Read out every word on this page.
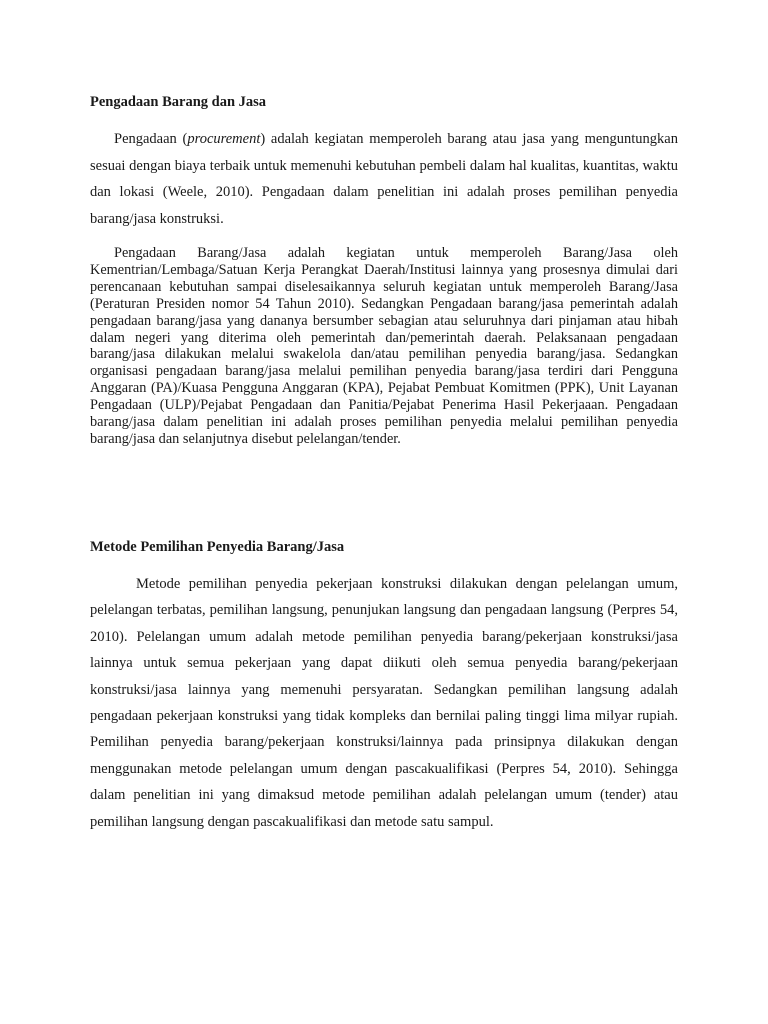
Pengadaan Barang dan Jasa

Pengadaan (procurement) adalah kegiatan memperoleh barang atau jasa yang menguntungkan sesuai dengan biaya terbaik untuk memenuhi kebutuhan pembeli dalam hal kualitas, kuantitas, waktu dan lokasi (Weele, 2010). Pengadaan dalam penelitian ini adalah proses pemilihan penyedia barang/jasa konstruksi.

Pengadaan Barang/Jasa adalah kegiatan untuk memperoleh Barang/Jasa oleh Kementrian/Lembaga/Satuan Kerja Perangkat Daerah/Institusi lainnya yang prosesnya dimulai dari perencanaan kebutuhan sampai diselesaikannya seluruh kegiatan untuk memperoleh Barang/Jasa (Peraturan Presiden nomor 54 Tahun 2010). Sedangkan Pengadaan barang/jasa pemerintah adalah pengadaan barang/jasa yang dananya bersumber sebagian atau seluruhnya dari pinjaman atau hibah dalam negeri yang diterima oleh pemerintah dan/pemerintah daerah. Pelaksanaan pengadaan barang/jasa dilakukan melalui swakelola dan/atau pemilihan penyedia barang/jasa. Sedangkan organisasi pengadaan barang/jasa melalui pemilihan penyedia barang/jasa terdiri dari Pengguna Anggaran (PA)/Kuasa Pengguna Anggaran (KPA), Pejabat Pembuat Komitmen (PPK), Unit Layanan Pengadaan (ULP)/Pejabat Pengadaan dan Panitia/Pejabat Penerima Hasil Pekerjaaan. Pengadaan barang/jasa dalam penelitian ini adalah proses pemilihan penyedia melalui pemilihan penyedia barang/jasa dan selanjutnya disebut pelelangan/tender.

Metode Pemilihan Penyedia Barang/Jasa

Metode pemilihan penyedia pekerjaan konstruksi dilakukan dengan pelelangan umum, pelelangan terbatas, pemilihan langsung, penunjukan langsung dan pengadaan langsung (Perpres 54, 2010). Pelelangan umum adalah metode pemilihan penyedia barang/pekerjaan konstruksi/jasa lainnya untuk semua pekerjaan yang dapat diikuti oleh semua penyedia barang/pekerjaan konstruksi/jasa lainnya yang memenuhi persyaratan. Sedangkan pemilihan langsung adalah pengadaan pekerjaan konstruksi yang tidak kompleks dan bernilai paling tinggi lima milyar rupiah. Pemilihan penyedia barang/pekerjaan konstruksi/lainnya pada prinsipnya dilakukan dengan menggunakan metode pelelangan umum dengan pascakualifikasi (Perpres 54, 2010). Sehingga dalam penelitian ini yang dimaksud metode pemilihan adalah pelelangan umum (tender) atau pemilihan langsung dengan pascakualifikasi dan metode satu sampul.
